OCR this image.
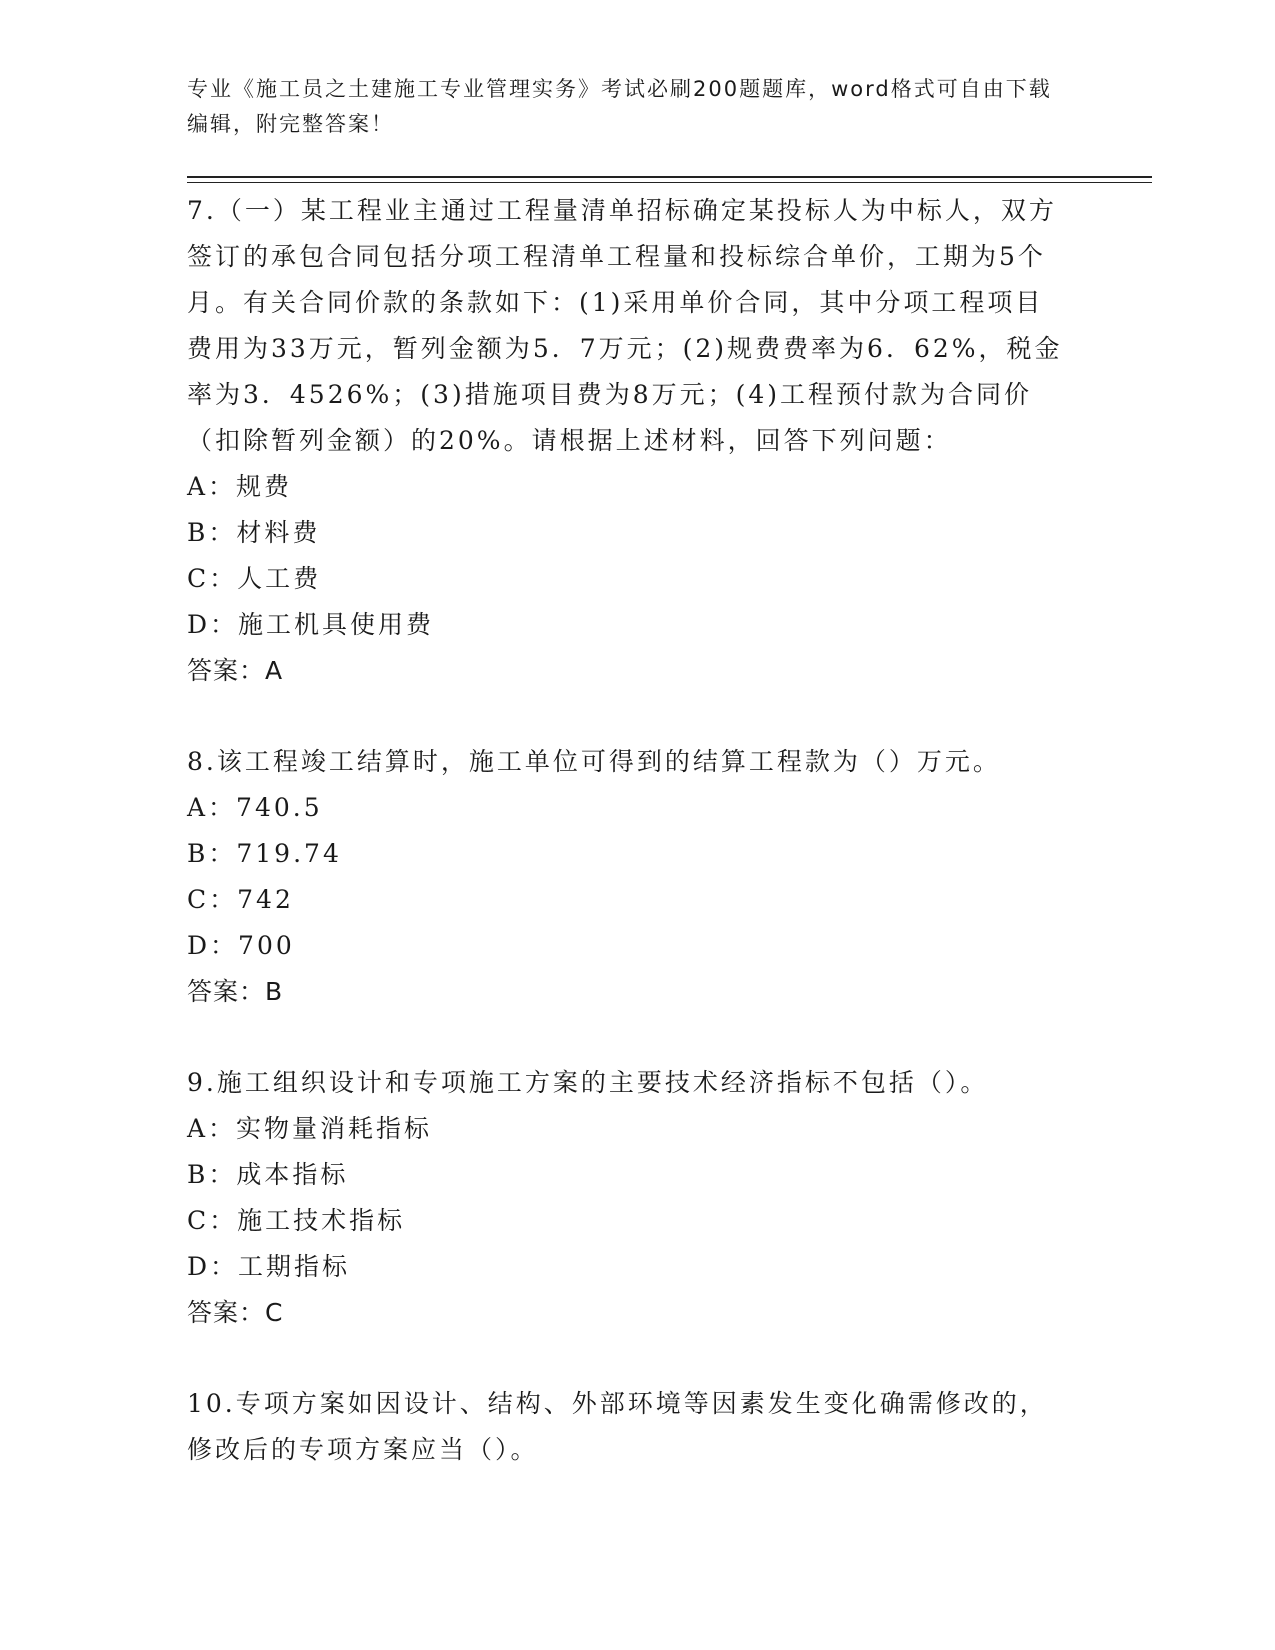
专业《施工员之土建施工专业管理实务》考试必刷200题题库，word格式可自由下载编辑，附完整答案！
7.（一）某工程业主通过工程量清单招标确定某投标人为中标人，双方签订的承包合同包括分项工程清单工程量和投标综合单价，工期为5个月。有关合同价款的条款如下：(1)采用单价合同，其中分项工程项目费用为33万元，暂列金额为5．7万元；(2)规费费率为6．62%，税金率为3．4526%；(3)措施项目费为8万元；(4)工程预付款为合同价（扣除暂列金额）的20%。请根据上述材料，回答下列问题：
A：规费
B：材料费
C：人工费
D：施工机具使用费
答案：A
8.该工程竣工结算时，施工单位可得到的结算工程款为（）万元。
A：740.5
B：719.74
C：742
D：700
答案：B
9.施工组织设计和专项施工方案的主要技术经济指标不包括（）。
A：实物量消耗指标
B：成本指标
C：施工技术指标
D：工期指标
答案：C
10.专项方案如因设计、结构、外部环境等因素发生变化确需修改的，修改后的专项方案应当（）。
